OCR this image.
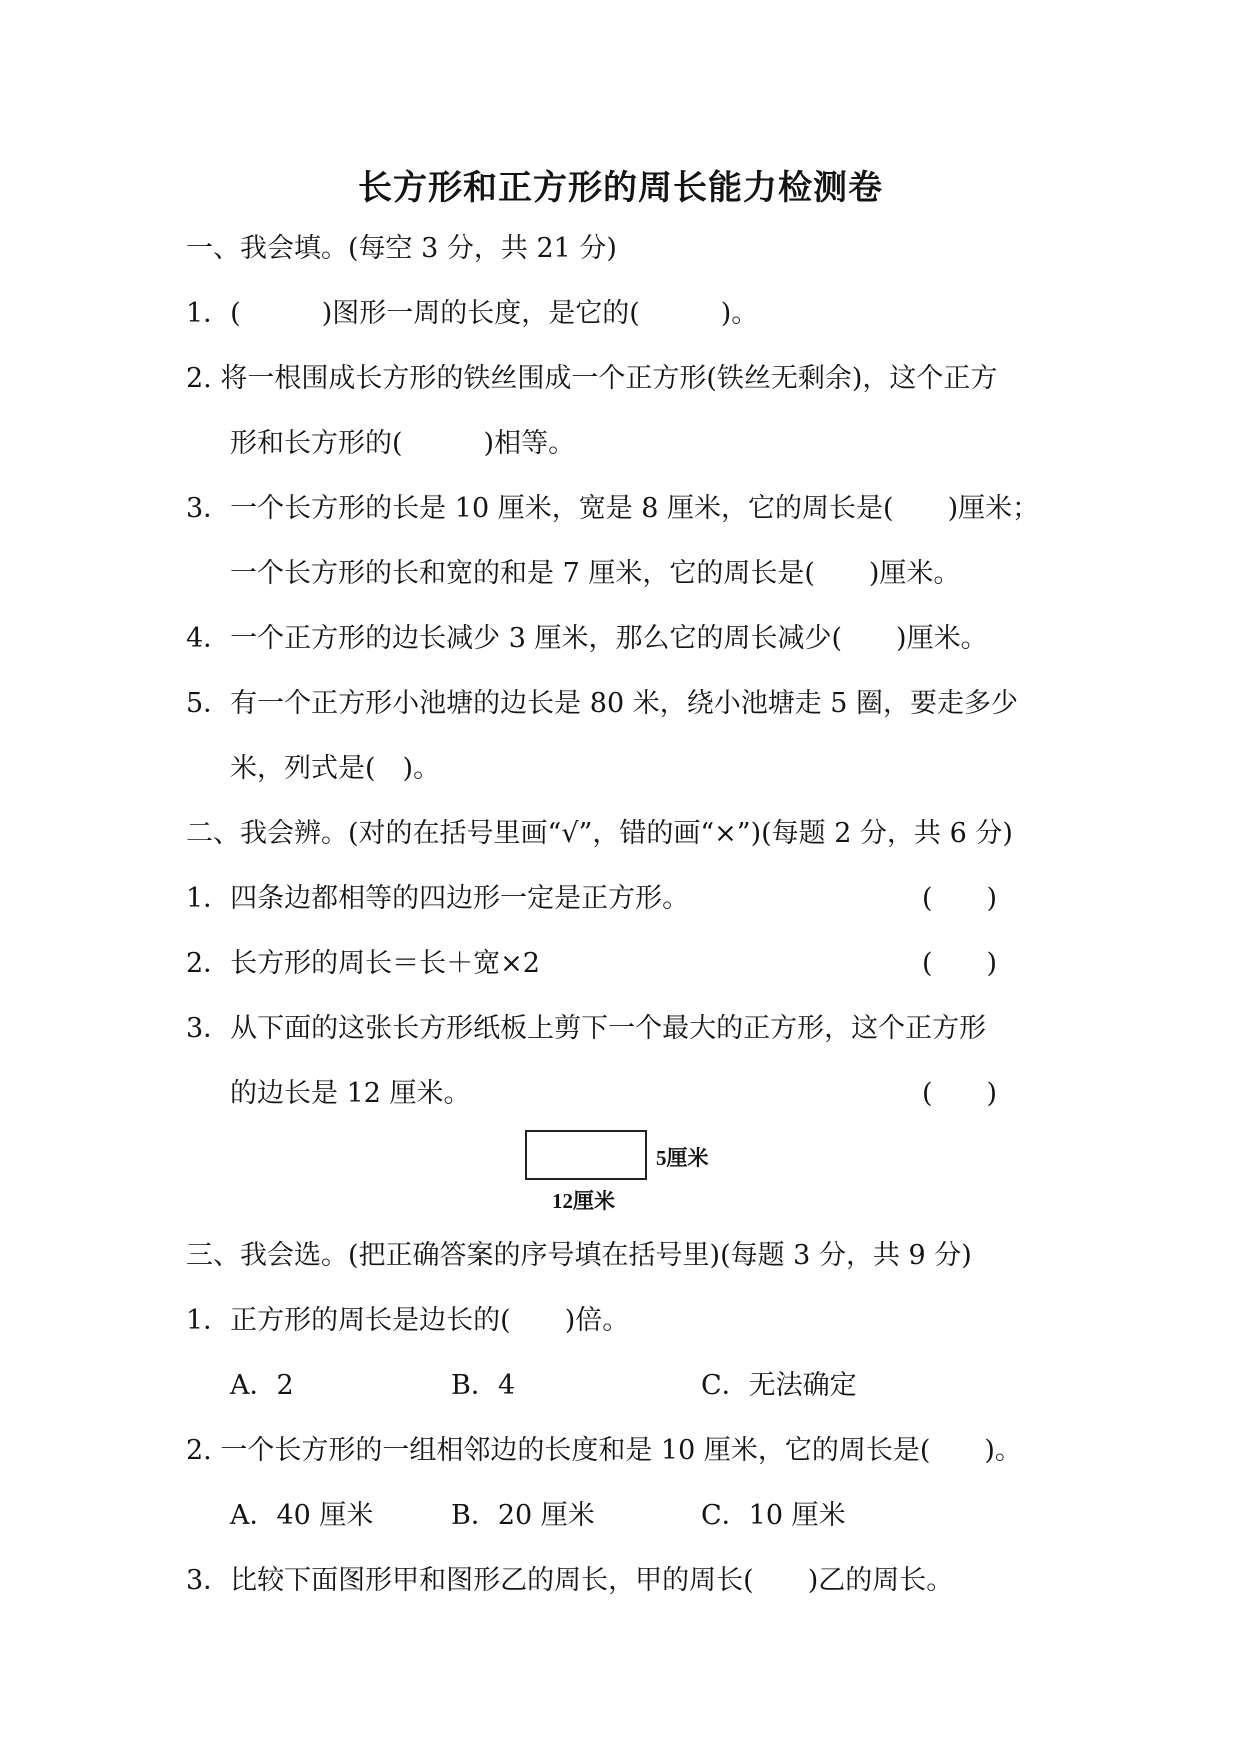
长方形和正方形的周长能力检测卷
一、我会填。(每空 3 分，共 21 分)
1．(　　　)图形一周的长度，是它的(　　　)。
2. 将一根围成长方形的铁丝围成一个正方形(铁丝无剩余)，这个正方
形和长方形的(　　　)相等。
3．一个长方形的长是 10 厘米，宽是 8 厘米，它的周长是(　　)厘米；
一个长方形的长和宽的和是 7 厘米，它的周长是(　　)厘米。
4．一个正方形的边长减少 3 厘米，那么它的周长减少(　　)厘米。
5．有一个正方形小池塘的边长是 80 米，绕小池塘走 5 圈，要走多少
米，列式是(　)。
二、我会辨。(对的在括号里画“√”，错的画“×”)(每题 2 分，共 6 分)
1．四条边都相等的四边形一定是正方形。	(　　)
2．长方形的周长＝长＋宽×2	(　　)
3．从下面的这张长方形纸板上剪下一个最大的正方形，这个正方形
的边长是 12 厘米。	(　　)
5厘米
12厘米
三、我会选。(把正确答案的序号填在括号里)(每题 3 分，共 9 分)
1．正方形的周长是边长的(　　)倍。
A．2	B．4	C．无法确定
2. 一个长方形的一组相邻边的长度和是 10 厘米，它的周长是(　　)。
A．40 厘米	B．20 厘米	C．10 厘米
3．比较下面图形甲和图形乙的周长，甲的周长(　　)乙的周长。
